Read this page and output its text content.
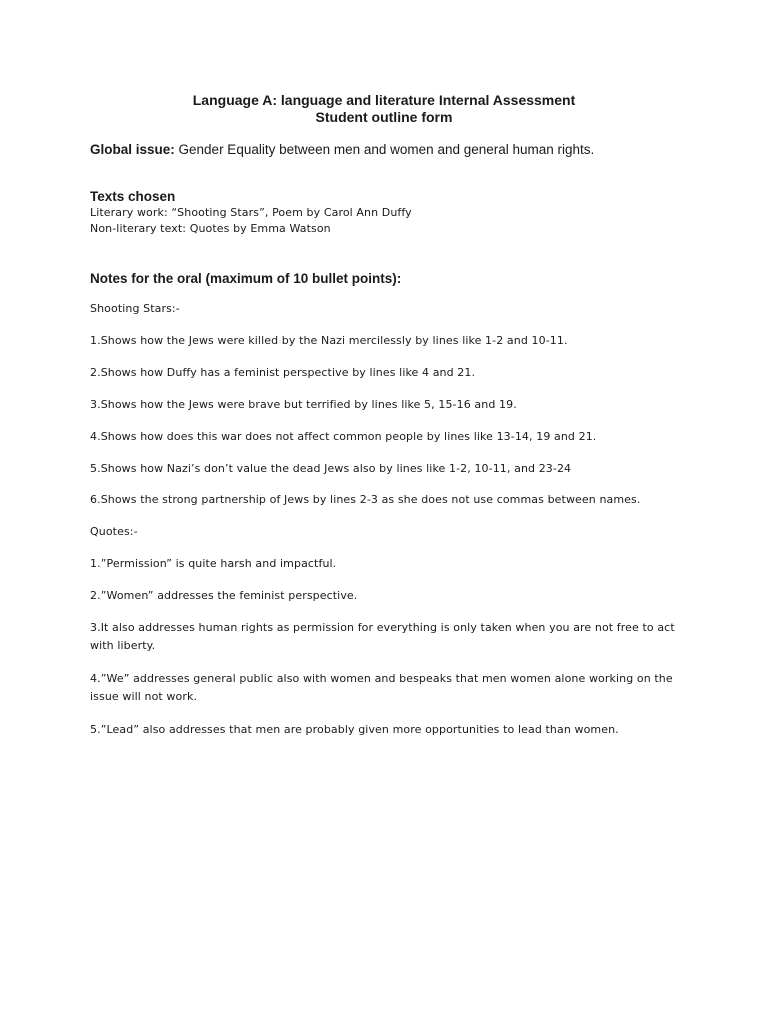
Language A: language and literature Internal Assessment
Student outline form
Global issue: Gender Equality between men and women and general human rights.
Texts chosen
Literary work: “Shooting Stars”, Poem by Carol Ann Duffy
Non-literary text: Quotes by Emma Watson
Notes for the oral (maximum of 10 bullet points):
Shooting Stars:-
1.Shows how the Jews were killed by the Nazi mercilessly by lines like 1-2 and 10-11.
2.Shows how Duffy has a feminist perspective by lines like 4 and 21.
3.Shows how the Jews were brave but terrified by lines like 5, 15-16 and 19.
4.Shows how does this war does not affect common people by lines like 13-14, 19 and 21.
5.Shows how Nazi’s don’t value the dead Jews also by lines like 1-2, 10-11, and 23-24
6.Shows the strong partnership of Jews by lines 2-3 as she does not use commas between names.
Quotes:-
1.”Permission” is quite harsh and impactful.
2.”Women” addresses the feminist perspective.
3.It also addresses human rights as permission for everything is only taken when you are not free to act with liberty.
4.”We” addresses general public also with women and bespeaks that men women alone working on the issue will not work.
5.”Lead” also addresses that men are probably given more opportunities to lead than women.
